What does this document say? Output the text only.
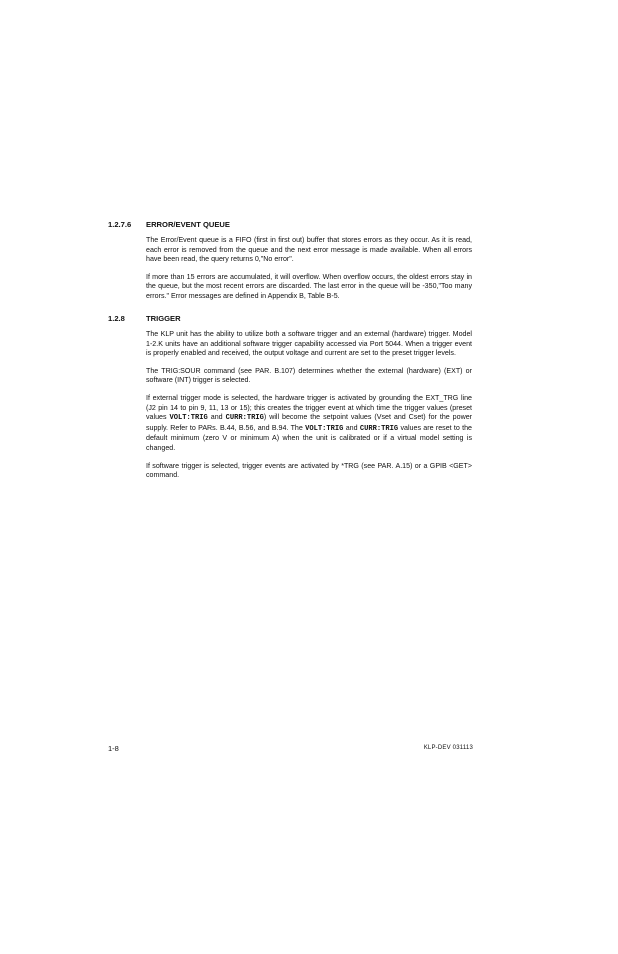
1.2.7.6 ERROR/EVENT QUEUE
The Error/Event queue is a FIFO (first in first out) buffer that stores errors as they occur. As it is read, each error is removed from the queue and the next error message is made available. When all errors have been read, the query returns 0,"No error".
If more than 15 errors are accumulated, it will overflow. When overflow occurs, the oldest errors stay in the queue, but the most recent errors are discarded. The last error in the queue will be -350,"Too many errors." Error messages are defined in Appendix B, Table B-5.
1.2.8	TRIGGER
The KLP unit has the ability to utilize both a software trigger and an external (hardware) trigger. Model 1-2.K units have an additional software trigger capability accessed via Port 5044. When a trigger event is properly enabled and received, the output voltage and current are set to the preset trigger levels.
The TRIG:SOUR command (see PAR. B.107) determines whether the external (hardware) (EXT) or software (INT) trigger is selected.
If external trigger mode is selected, the hardware trigger is activated by grounding the EXT_TRG line (J2 pin 14 to pin 9, 11, 13 or 15); this creates the trigger event at which time the trigger values (preset values VOLT:TRIG and CURR:TRIG) will become the setpoint values (Vset and Cset) for the power supply. Refer to PARs. B.44, B.56, and B.94. The VOLT:TRIG and CURR:TRIG values are reset to the default minimum (zero V or minimum A) when the unit is calibrated or if a virtual model setting is changed.
If software trigger is selected, trigger events are activated by *TRG (see PAR. A.15) or a GPIB <GET> command.
1-8	KLP-DEV 031113
